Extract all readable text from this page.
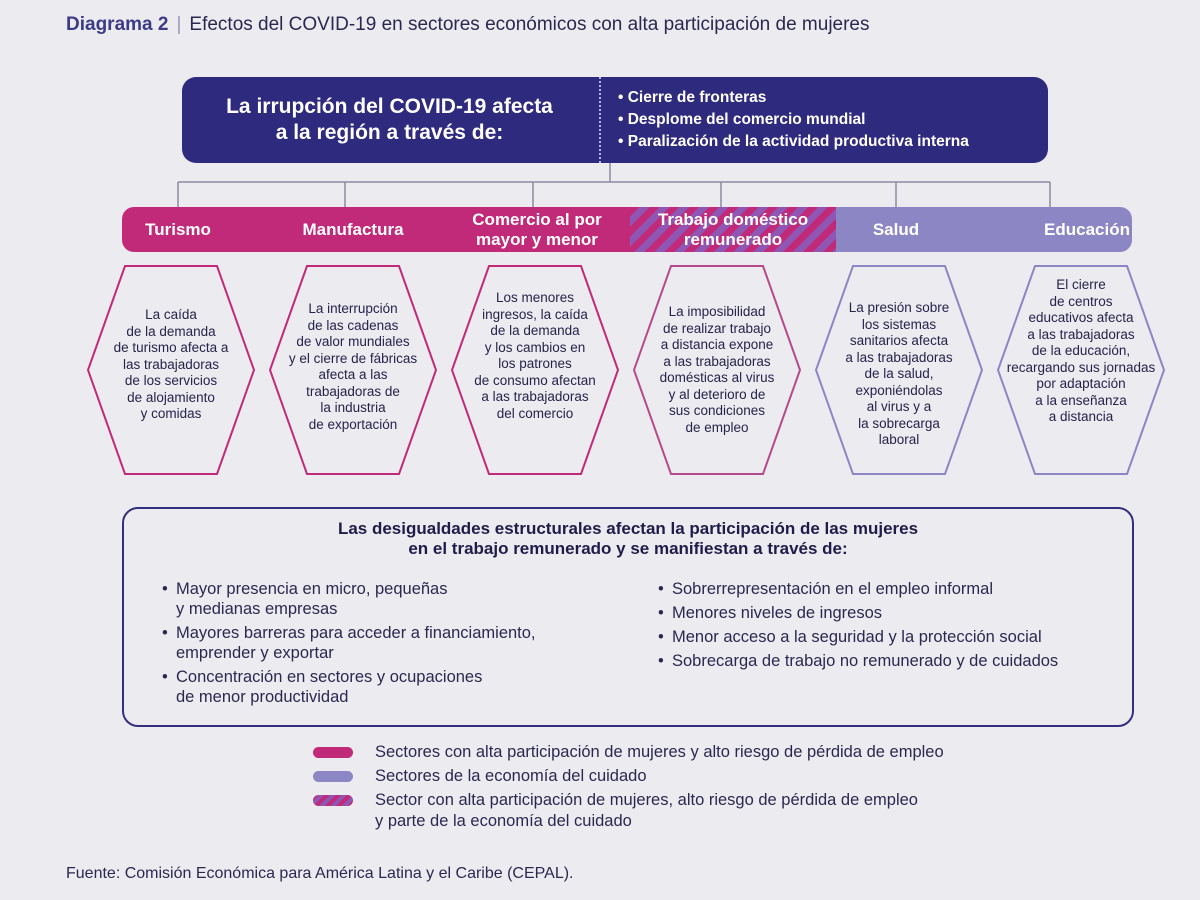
Diagrama 2 | Efectos del COVID-19 en sectores económicos con alta participación de mujeres
La irrupción del COVID-19 afecta
a la región a través de:
• Cierre de fronteras
• Desplome del comercio mundial
• Paralización de la actividad productiva interna
Turismo	Manufactura
Comercio al por
mayor y menor
Trabajo doméstico
remunerado
Salud	Educación
La caída
de la demanda
de turismo afecta a
las trabajadoras
de los servicios
de alojamiento
y comidas
La interrupción
de las cadenas
de valor mundiales
y el cierre de fábricas
afecta a las
trabajadoras de
la industria
de exportación
Los menores
ingresos, la caída
de la demanda
y los cambios en
los patrones
de consumo afectan
a las trabajadoras
del comercio
La imposibilidad
de realizar trabajo
a distancia expone
a las trabajadoras
domésticas al virus
y al deterioro de
sus condiciones
de empleo
La presión sobre
los sistemas
sanitarios afecta
a las trabajadoras
de la salud,
exponiéndolas
al virus y a
la sobrecarga
laboral
El cierre
de centros
educativos afecta
a las trabajadoras
de la educación,
recargando sus jornadas
por adaptación
a la enseñanza
a distancia
Las desigualdades estructurales afectan la participación de las mujeres
en el trabajo remunerado y se manifiestan a través de:
• Mayor presencia en micro, pequeñas
y medianas empresas
• Mayores barreras para acceder a financiamiento,
emprender y exportar
• Concentración en sectores y ocupaciones
de menor productividad
• Sobrerrepresentación en el empleo informal
• Menores niveles de ingresos
• Menor acceso a la seguridad y la protección social
• Sobrecarga de trabajo no remunerado y de cuidados
Sectores con alta participación de mujeres y alto riesgo de pérdida de empleo
Sectores de la economía del cuidado
Sector con alta participación de mujeres, alto riesgo de pérdida de empleo
y parte de la economía del cuidado
Fuente: Comisión Económica para América Latina y el Caribe (CEPAL).
